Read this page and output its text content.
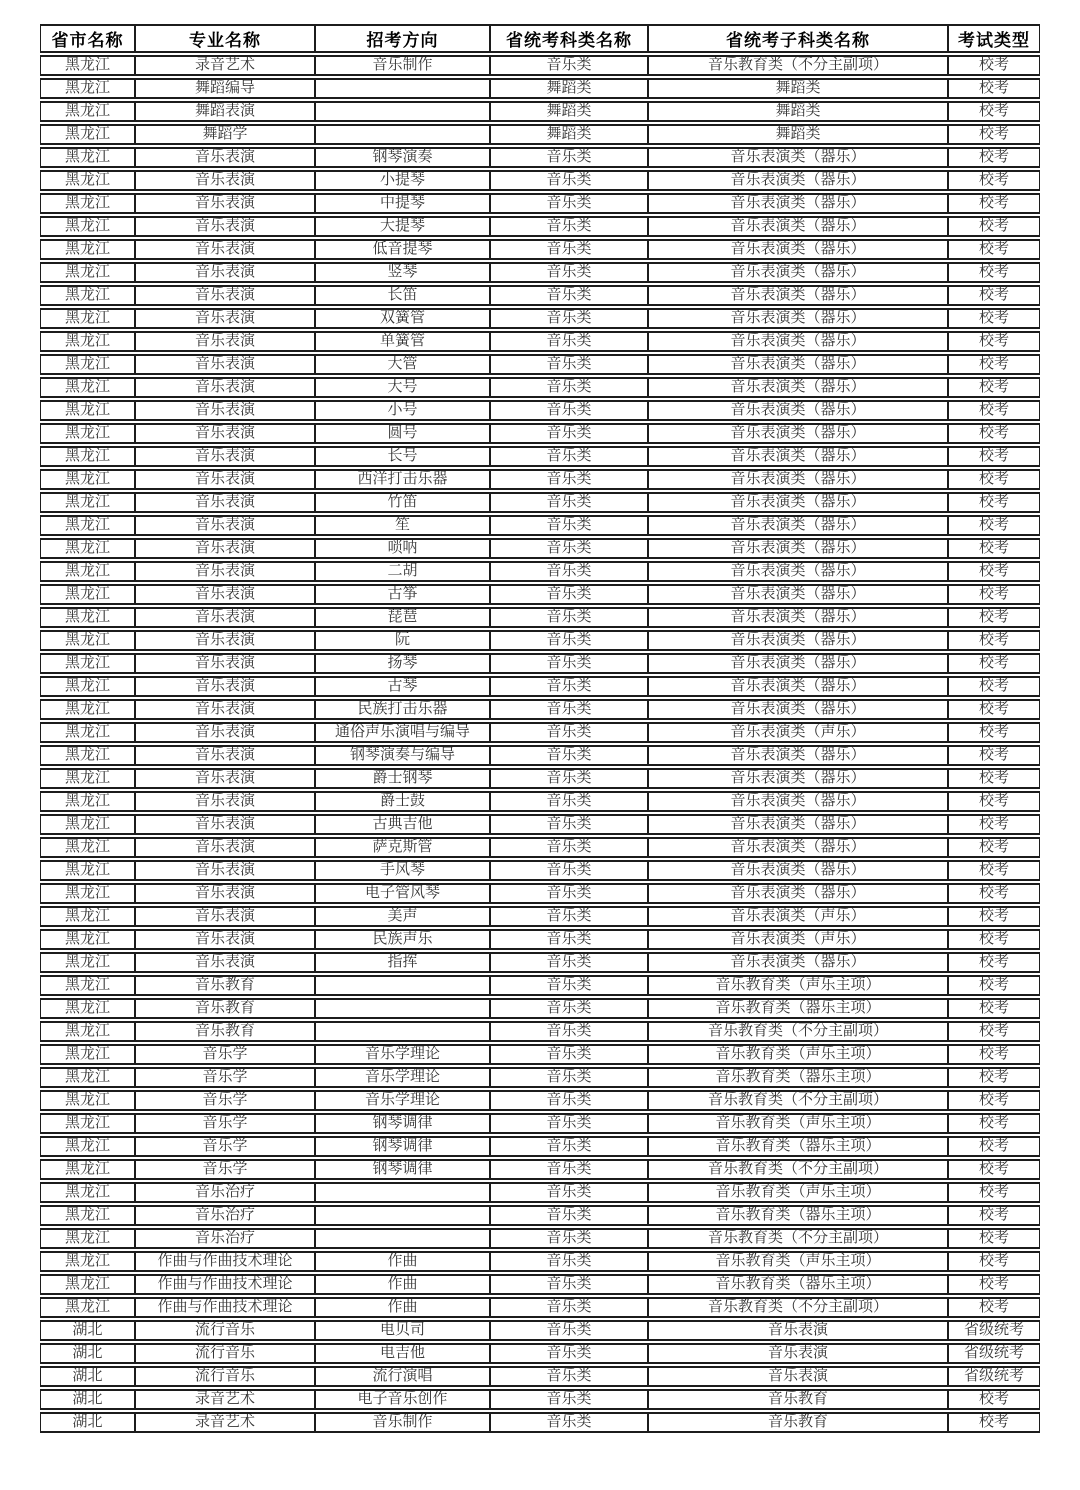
省市名称	专业名称	招考方向	省统考科类名称	省统考子科类名称	考试类型
黑龙江	录音艺术	音乐制作	音乐类	音乐教育类（不分主副项）	校考
黑龙江	舞蹈编导		舞蹈类	舞蹈类	校考
黑龙江	舞蹈表演		舞蹈类	舞蹈类	校考
黑龙江	舞蹈学		舞蹈类	舞蹈类	校考
黑龙江	音乐表演	钢琴演奏	音乐类	音乐表演类（器乐）	校考
黑龙江	音乐表演	小提琴	音乐类	音乐表演类（器乐）	校考
黑龙江	音乐表演	中提琴	音乐类	音乐表演类（器乐）	校考
黑龙江	音乐表演	大提琴	音乐类	音乐表演类（器乐）	校考
黑龙江	音乐表演	低音提琴	音乐类	音乐表演类（器乐）	校考
黑龙江	音乐表演	竖琴	音乐类	音乐表演类（器乐）	校考
黑龙江	音乐表演	长笛	音乐类	音乐表演类（器乐）	校考
黑龙江	音乐表演	双簧管	音乐类	音乐表演类（器乐）	校考
黑龙江	音乐表演	单簧管	音乐类	音乐表演类（器乐）	校考
黑龙江	音乐表演	大管	音乐类	音乐表演类（器乐）	校考
黑龙江	音乐表演	大号	音乐类	音乐表演类（器乐）	校考
黑龙江	音乐表演	小号	音乐类	音乐表演类（器乐）	校考
黑龙江	音乐表演	圆号	音乐类	音乐表演类（器乐）	校考
黑龙江	音乐表演	长号	音乐类	音乐表演类（器乐）	校考
黑龙江	音乐表演	西洋打击乐器	音乐类	音乐表演类（器乐）	校考
黑龙江	音乐表演	竹笛	音乐类	音乐表演类（器乐）	校考
黑龙江	音乐表演	笙	音乐类	音乐表演类（器乐）	校考
黑龙江	音乐表演	唢呐	音乐类	音乐表演类（器乐）	校考
黑龙江	音乐表演	二胡	音乐类	音乐表演类（器乐）	校考
黑龙江	音乐表演	古筝	音乐类	音乐表演类（器乐）	校考
黑龙江	音乐表演	琵琶	音乐类	音乐表演类（器乐）	校考
黑龙江	音乐表演	阮	音乐类	音乐表演类（器乐）	校考
黑龙江	音乐表演	扬琴	音乐类	音乐表演类（器乐）	校考
黑龙江	音乐表演	古琴	音乐类	音乐表演类（器乐）	校考
黑龙江	音乐表演	民族打击乐器	音乐类	音乐表演类（器乐）	校考
黑龙江	音乐表演	通俗声乐演唱与编导	音乐类	音乐表演类（声乐）	校考
黑龙江	音乐表演	钢琴演奏与编导	音乐类	音乐表演类（器乐）	校考
黑龙江	音乐表演	爵士钢琴	音乐类	音乐表演类（器乐）	校考
黑龙江	音乐表演	爵士鼓	音乐类	音乐表演类（器乐）	校考
黑龙江	音乐表演	古典吉他	音乐类	音乐表演类（器乐）	校考
黑龙江	音乐表演	萨克斯管	音乐类	音乐表演类（器乐）	校考
黑龙江	音乐表演	手风琴	音乐类	音乐表演类（器乐）	校考
黑龙江	音乐表演	电子管风琴	音乐类	音乐表演类（器乐）	校考
黑龙江	音乐表演	美声	音乐类	音乐表演类（声乐）	校考
黑龙江	音乐表演	民族声乐	音乐类	音乐表演类（声乐）	校考
黑龙江	音乐表演	指挥	音乐类	音乐表演类（器乐）	校考
黑龙江	音乐教育		音乐类	音乐教育类（声乐主项）	校考
黑龙江	音乐教育		音乐类	音乐教育类（器乐主项）	校考
黑龙江	音乐教育		音乐类	音乐教育类（不分主副项）	校考
黑龙江	音乐学	音乐学理论	音乐类	音乐教育类（声乐主项）	校考
黑龙江	音乐学	音乐学理论	音乐类	音乐教育类（器乐主项）	校考
黑龙江	音乐学	音乐学理论	音乐类	音乐教育类（不分主副项）	校考
黑龙江	音乐学	钢琴调律	音乐类	音乐教育类（声乐主项）	校考
黑龙江	音乐学	钢琴调律	音乐类	音乐教育类（器乐主项）	校考
黑龙江	音乐学	钢琴调律	音乐类	音乐教育类（不分主副项）	校考
黑龙江	音乐治疗		音乐类	音乐教育类（声乐主项）	校考
黑龙江	音乐治疗		音乐类	音乐教育类（器乐主项）	校考
黑龙江	音乐治疗		音乐类	音乐教育类（不分主副项）	校考
黑龙江	作曲与作曲技术理论	作曲	音乐类	音乐教育类（声乐主项）	校考
黑龙江	作曲与作曲技术理论	作曲	音乐类	音乐教育类（器乐主项）	校考
黑龙江	作曲与作曲技术理论	作曲	音乐类	音乐教育类（不分主副项）	校考
湖北	流行音乐	电贝司	音乐类	音乐表演	省级统考
湖北	流行音乐	电吉他	音乐类	音乐表演	省级统考
湖北	流行音乐	流行演唱	音乐类	音乐表演	省级统考
湖北	录音艺术	电子音乐创作	音乐类	音乐教育	校考
湖北	录音艺术	音乐制作	音乐类	音乐教育	校考
